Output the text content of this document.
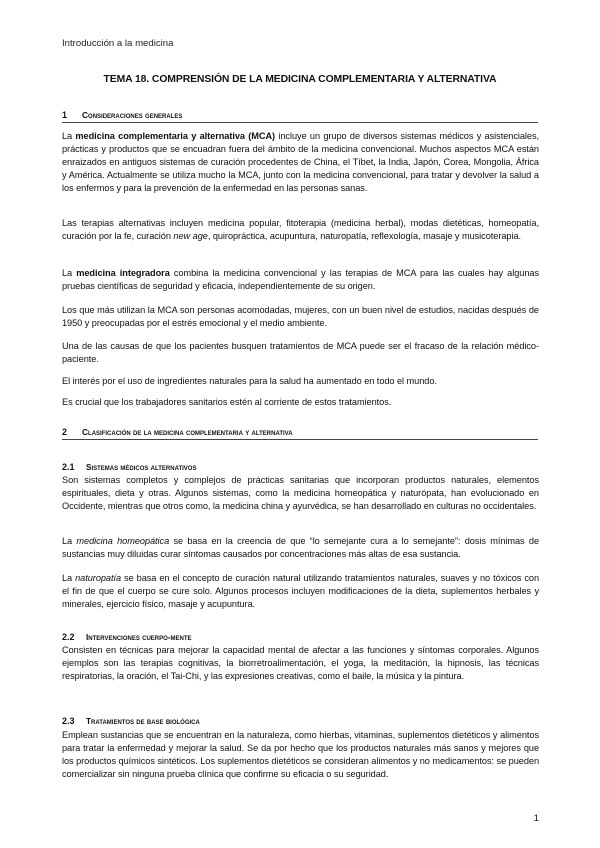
Introducción a la medicina
TEMA 18. COMPRENSIÓN DE LA MEDICINA COMPLEMENTARIA Y ALTERNATIVA
1 Consideraciones generales
La medicina complementaria y alternativa (MCA) incluye un grupo de diversos sistemas médicos y asistenciales, prácticas y productos que se encuadran fuera del ámbito de la medicina convencional. Muchos aspectos MCA están enraizados en antiguos sistemas de curación procedentes de China, el Tíbet, la India, Japón, Corea, Mongolia, África y América. Actualmente se utiliza mucho la MCA, junto con la medicina convencional, para tratar y devolver la salud a los enfermos y para la prevención de la enfermedad en las personas sanas.
Las terapias alternativas incluyen medicina popular, fitoterapia (medicina herbal), modas dietéticas, homeopatía, curación por la fe, curación new age, quiropráctica, acupuntura, naturopatía, reflexología, masaje y musicoterapia.
La medicina integradora combina la medicina convencional y las terapias de MCA para las cuales hay algunas pruebas científicas de seguridad y eficacia, independientemente de su origen.
Los que más utilizan la MCA son personas acomodadas, mujeres, con un buen nivel de estudios, nacidas después de 1950 y preocupadas por el estrés emocional y el medio ambiente.
Una de las causas de que los pacientes busquen tratamientos de MCA puede ser el fracaso de la relación médico-paciente.
El interés por el uso de ingredientes naturales para la salud ha aumentado en todo el mundo.
Es crucial que los trabajadores sanitarios estén al corriente de estos tratamientos.
2 Clasificación de la medicina complementaria y alternativa
2.1 Sistemas médicos alternativos
Son sistemas completos y complejos de prácticas sanitarias que incorporan productos naturales, elementos espirituales, dieta y otras. Algunos sistemas, como la medicina homeopática y naturópata, han evolucionado en Occidente, mientras que otros como, la medicina china y ayurvédica, se han desarrollado en culturas no occidentales.
La medicina homeopática se basa en la creencia de que “lo semejante cura a lo semejante”: dosis mínimas de sustancias muy diluidas curar síntomas causados por concentraciones más altas de esa sustancia.
La naturopatía se basa en el concepto de curación natural utilizando tratamientos naturales, suaves y no tóxicos con el fin de que el cuerpo se cure solo. Algunos procesos incluyen modificaciones de la dieta, suplementos herbales y minerales, ejercicio físico, masaje y acupuntura.
2.2 Intervenciones cuerpo-mente
Consisten en técnicas para mejorar la capacidad mental de afectar a las funciones y síntomas corporales. Algunos ejemplos son las terapias cognitivas, la biorretroalimentación, el yoga, la meditación, la hipnosis, las técnicas respiratorias, la oración, el Tai-Chi, y las expresiones creativas, como el baile, la música y la pintura.
2.3 Tratamientos de base biológica
Emplean sustancias que se encuentran en la naturaleza, como hierbas, vitaminas, suplementos dietéticos y alimentos para tratar la enfermedad y mejorar la salud. Se da por hecho que los productos naturales más sanos y mejores que los productos químicos sintéticos. Los suplementos dietéticos se consideran alimentos y no medicamentos: se pueden comercializar sin ninguna prueba clínica que confirme su eficacia o su seguridad.
1
